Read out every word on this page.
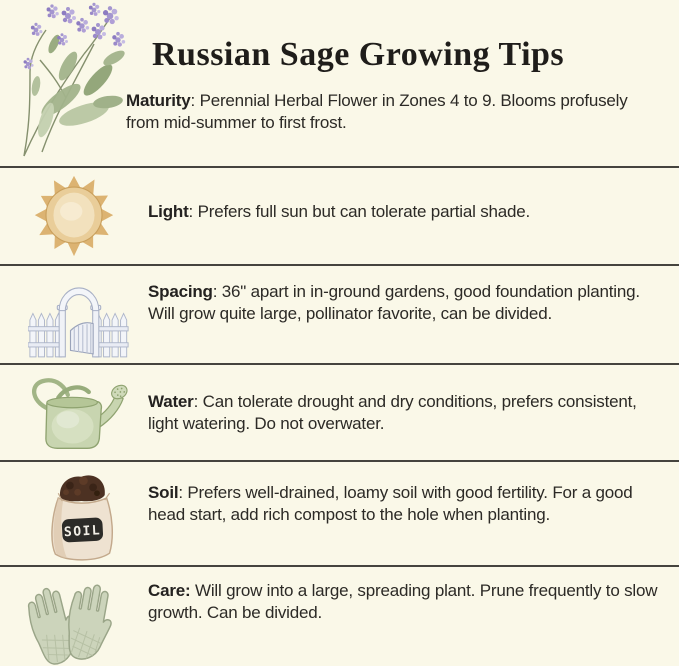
Russian Sage Growing Tips

Maturity: Perennial Herbal Flower in Zones 4 to 9. Blooms profusely from mid-summer to first frost.

Light: Prefers full sun but can tolerate partial shade.

Spacing: 36" apart in in-ground gardens, good foundation planting. Will grow quite large, pollinator favorite, can be divided.

Water: Can tolerate drought and dry conditions, prefers consistent, light watering. Do not overwater.

SOIL

Soil: Prefers well-drained, loamy soil with good fertility. For a good head start, add rich compost to the hole when planting.

Care: Will grow into a large, spreading plant. Prune frequently to slow growth. Can be divided.
